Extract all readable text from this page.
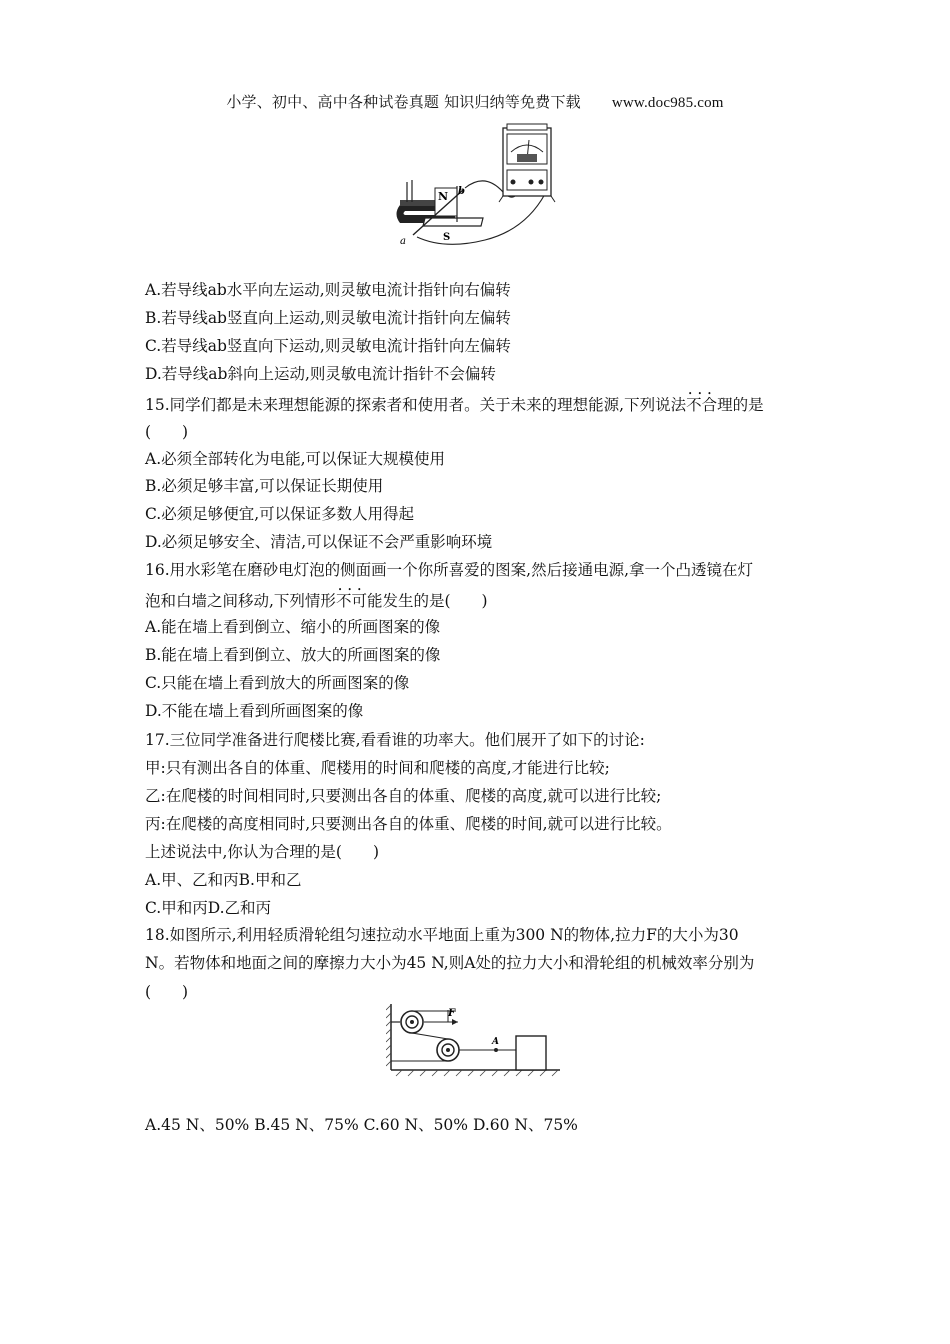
小学、初中、高中各种试卷真题 知识归纳等免费下载 www.doc985.com
N
S
a
b
A.若导线ab水平向左运动,则灵敏电流计指针向右偏转
B.若导线ab竖直向上运动,则灵敏电流计指针向左偏转
C.若导线ab竖直向下运动,则灵敏电流计指针向左偏转
D.若导线ab斜向上运动,则灵敏电流计指针不会偏转
15.同学们都是未来理想能源的探索者和使用者。关于未来的理想能源,下列说法不合理 • • •的是
(　　)
A.必须全部转化为电能,可以保证大规模使用
B.必须足够丰富,可以保证长期使用
C.必须足够便宜,可以保证多数人用得起
D.必须足够安全、清洁,可以保证不会严重影响环境
16.用水彩笔在磨砂电灯泡的侧面画一个你所喜爱的图案,然后接通电源,拿一个凸透镜在灯
泡和白墙之间移动,下列情形不可能 • • •发生的是(　　)
A.能在墙上看到倒立、缩小的所画图案的像
B.能在墙上看到倒立、放大的所画图案的像
C.只能在墙上看到放大的所画图案的像
D.不能在墙上看到所画图案的像
17.三位同学准备进行爬楼比赛,看看谁的功率大。他们展开了如下的讨论:
甲:只有测出各自的体重、爬楼用的时间和爬楼的高度,才能进行比较;
乙:在爬楼的时间相同时,只要测出各自的体重、爬楼的高度,就可以进行比较;
丙:在爬楼的高度相同时,只要测出各自的体重、爬楼的时间,就可以进行比较。
上述说法中,你认为合理的是(　　)
A.甲、乙和丙B.甲和乙
C.甲和丙D.乙和丙
18.如图所示,利用轻质滑轮组匀速拉动水平地面上重为300 N的物体,拉力F的大小为30
N。若物体和地面之间的摩擦力大小为45 N,则A处的拉力大小和滑轮组的机械效率分别为
(　　)
F
A
A.45 N、50% B.45 N、75% C.60 N、50% D.60 N、75%
